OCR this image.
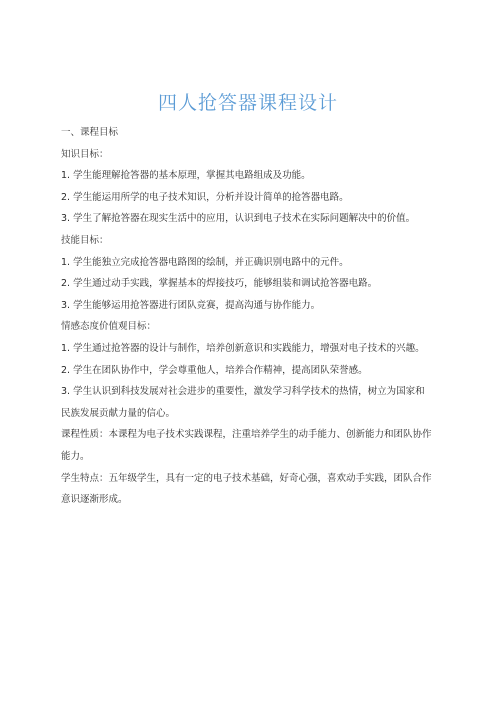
四人抢答器课程设计

一、课程目标

知识目标：

1. 学生能理解抢答器的基本原理，掌握其电路组成及功能。

2. 学生能运用所学的电子技术知识，分析并设计简单的抢答器电路。

3. 学生了解抢答器在现实生活中的应用，认识到电子技术在实际问题解决中的价值。

技能目标：

1. 学生能独立完成抢答器电路图的绘制，并正确识别电路中的元件。

2. 学生通过动手实践，掌握基本的焊接技巧，能够组装和调试抢答器电路。

3. 学生能够运用抢答器进行团队竞赛，提高沟通与协作能力。

情感态度价值观目标：

1. 学生通过抢答器的设计与制作，培养创新意识和实践能力，增强对电子技术的兴趣。

2. 学生在团队协作中，学会尊重他人，培养合作精神，提高团队荣誉感。

3. 学生认识到科技发展对社会进步的重要性，激发学习科学技术的热情，树立为国家和民族发展贡献力量的信心。

课程性质：本课程为电子技术实践课程，注重培养学生的动手能力、创新能力和团队协作能力。

学生特点：五年级学生，具有一定的电子技术基础，好奇心强，喜欢动手实践，团队合作意识逐渐形成。
